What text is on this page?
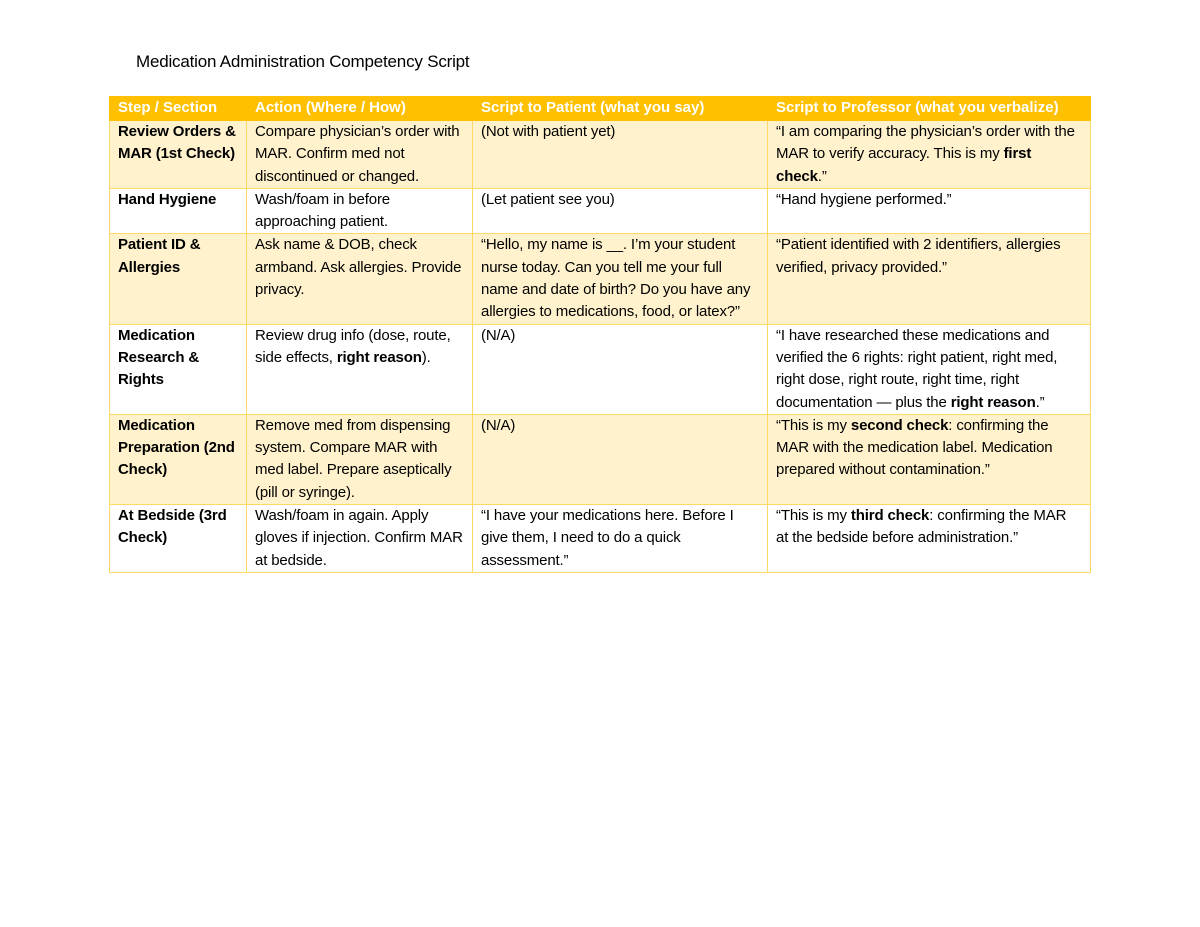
Medication Administration Competency Script
Step / Section	Action (Where / How)	Script to Patient (what you say)	Script to Professor (what you verbalize)
Review Orders & MAR (1st Check)	Compare physician’s order with MAR. Confirm med not discontinued or changed.	(Not with patient yet)	“I am comparing the physician’s order with the MAR to verify accuracy. This is my first check.”
Hand Hygiene	Wash/foam in before approaching patient.	(Let patient see you)	“Hand hygiene performed.”
Patient ID & Allergies	Ask name & DOB, check armband. Ask allergies. Provide privacy.	“Hello, my name is __. I’m your student nurse today. Can you tell me your full name and date of birth? Do you have any allergies to medications, food, or latex?”	“Patient identified with 2 identifiers, allergies verified, privacy provided.”
Medication Research & Rights	Review drug info (dose, route, side effects, right reason).	(N/A)	“I have researched these medications and verified the 6 rights: right patient, right med, right dose, right route, right time, right documentation — plus the right reason.”
Medication Preparation (2nd Check)	Remove med from dispensing system. Compare MAR with med label. Prepare aseptically (pill or syringe).	(N/A)	“This is my second check: confirming the MAR with the medication label. Medication prepared without contamination.”
At Bedside (3rd Check)	Wash/foam in again. Apply gloves if injection. Confirm MAR at bedside.	“I have your medications here. Before I give them, I need to do a quick assessment.”	“This is my third check: confirming the MAR at the bedside before administration.”
